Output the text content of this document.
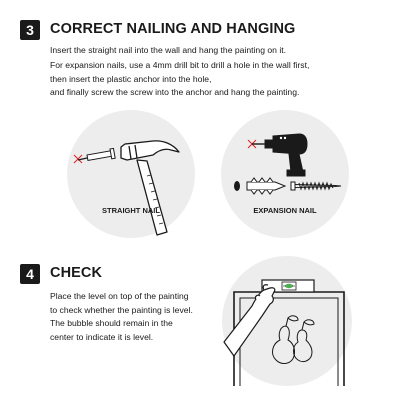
3	CORRECT NAILING AND HANGING
Insert the straight nail into the wall and hang the painting on it.
For expansion nails, use a 4mm drill bit to drill a hole in the wall first,
then insert the plastic anchor into the hole,
and finally screw the screw into the anchor and hang the painting.
STRAIGHT NAIL	EXPANSION NAIL
4	CHECK
Place the level on top of the painting
to check whether the painting is level.
The bubble should remain in the
center to indicate it is level.
